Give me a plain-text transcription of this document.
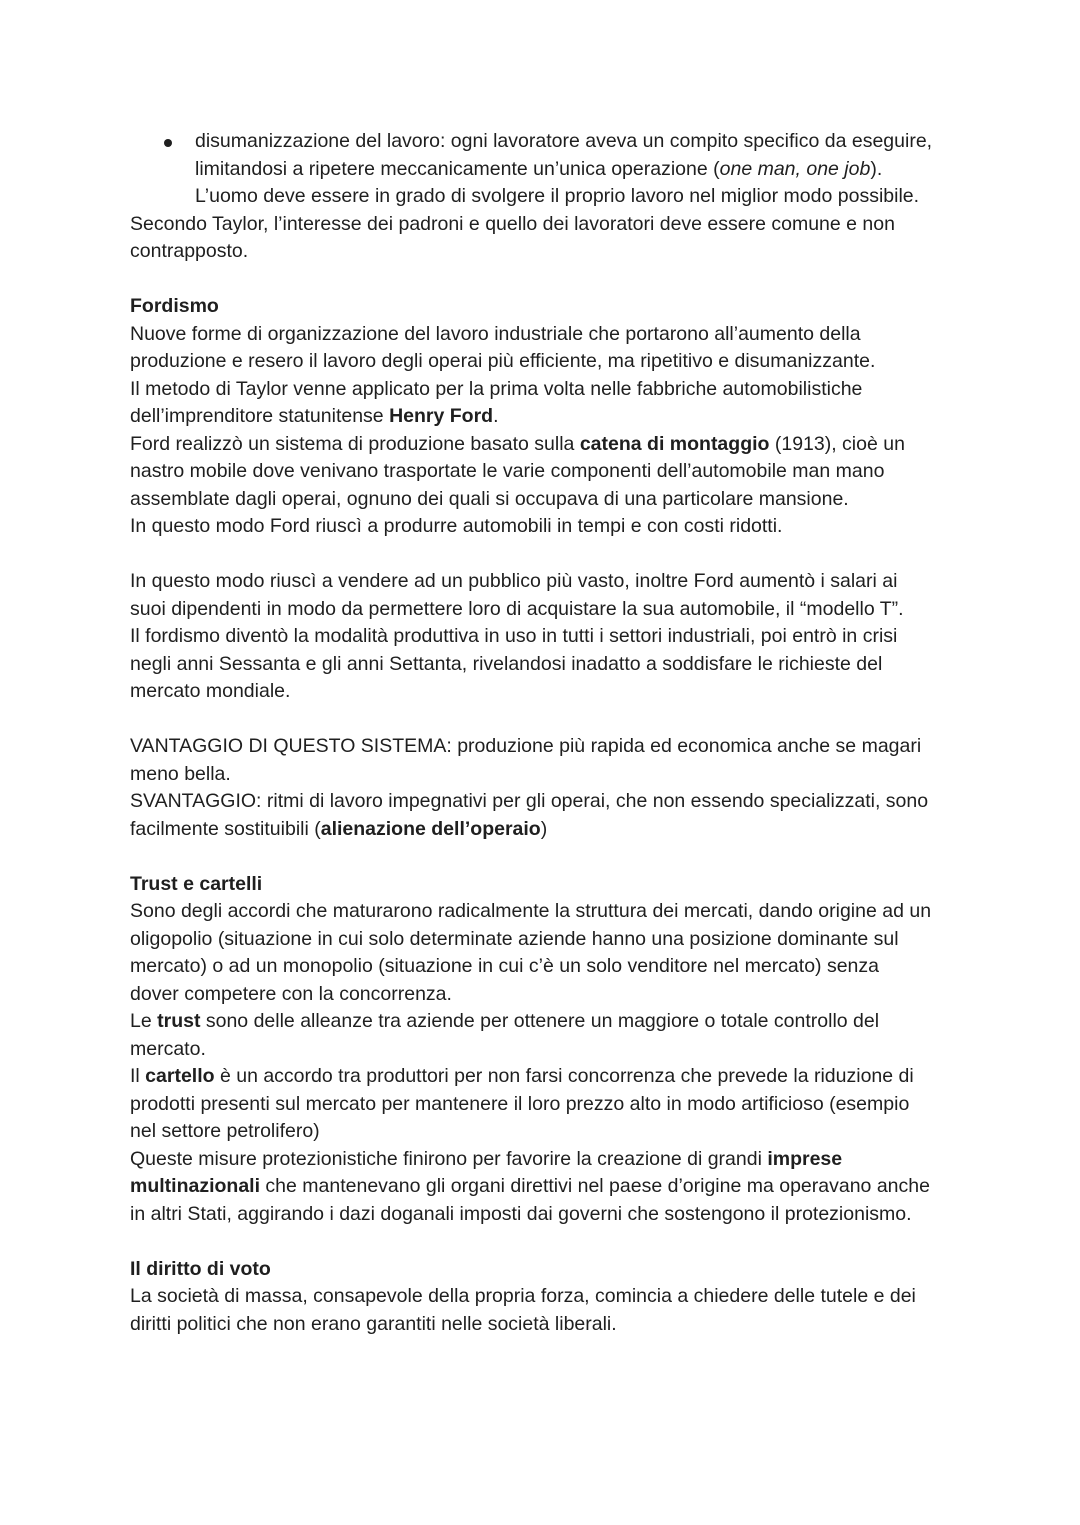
disumanizzazione del lavoro: ogni lavoratore aveva un compito specifico da eseguire,
limitandosi a ripetere meccanicamente un’unica operazione (one man, one job).
L’uomo deve essere in grado di svolgere il proprio lavoro nel miglior modo possibile.
Secondo Taylor, l’interesse dei padroni e quello dei lavoratori deve essere comune e non
contrapposto.
Fordismo
Nuove forme di organizzazione del lavoro industriale che portarono all’aumento della
produzione e resero il lavoro degli operai più efficiente, ma ripetitivo e disumanizzante.
Il metodo di Taylor venne applicato per la prima volta nelle fabbriche automobilistiche
dell’imprenditore statunitense Henry Ford.
Ford realizzò un sistema di produzione basato sulla catena di montaggio (1913), cioè un
nastro mobile dove venivano trasportate le varie componenti dell’automobile man mano
assemblate dagli operai, ognuno dei quali si occupava di una particolare mansione.
In questo modo Ford riuscì a produrre automobili in tempi e con costi ridotti.
In questo modo riuscì a vendere ad un pubblico più vasto, inoltre Ford aumentò i salari ai
suoi dipendenti in modo da permettere loro di acquistare la sua automobile, il “modello T”.
Il fordismo diventò la modalità produttiva in uso in tutti i settori industriali, poi entrò in crisi
negli anni Sessanta e gli anni Settanta, rivelandosi inadatto a soddisfare le richieste del
mercato mondiale.
VANTAGGIO DI QUESTO SISTEMA: produzione più rapida ed economica anche se magari
meno bella.
SVANTAGGIO: ritmi di lavoro impegnativi per gli operai, che non essendo specializzati, sono
facilmente sostituibili (alienazione dell’operaio)
Trust e cartelli
Sono degli accordi che maturarono radicalmente la struttura dei mercati, dando origine ad un
oligopolio (situazione in cui solo determinate aziende hanno una posizione dominante sul
mercato) o ad un monopolio (situazione in cui c’è un solo venditore nel mercato) senza
dover competere con la concorrenza.
Le trust sono delle alleanze tra aziende per ottenere un maggiore o totale controllo del
mercato.
Il cartello è un accordo tra produttori per non farsi concorrenza che prevede la riduzione di
prodotti presenti sul mercato per mantenere il loro prezzo alto in modo artificioso (esempio
nel settore petrolifero)
Queste misure protezionistiche finirono per favorire la creazione di grandi imprese
multinazionali che mantenevano gli organi direttivi nel paese d’origine ma operavano anche
in altri Stati, aggirando i dazi doganali imposti dai governi che sostengono il protezionismo.
Il diritto di voto
La società di massa, consapevole della propria forza, comincia a chiedere delle tutele e dei
diritti politici che non erano garantiti nelle società liberali.
